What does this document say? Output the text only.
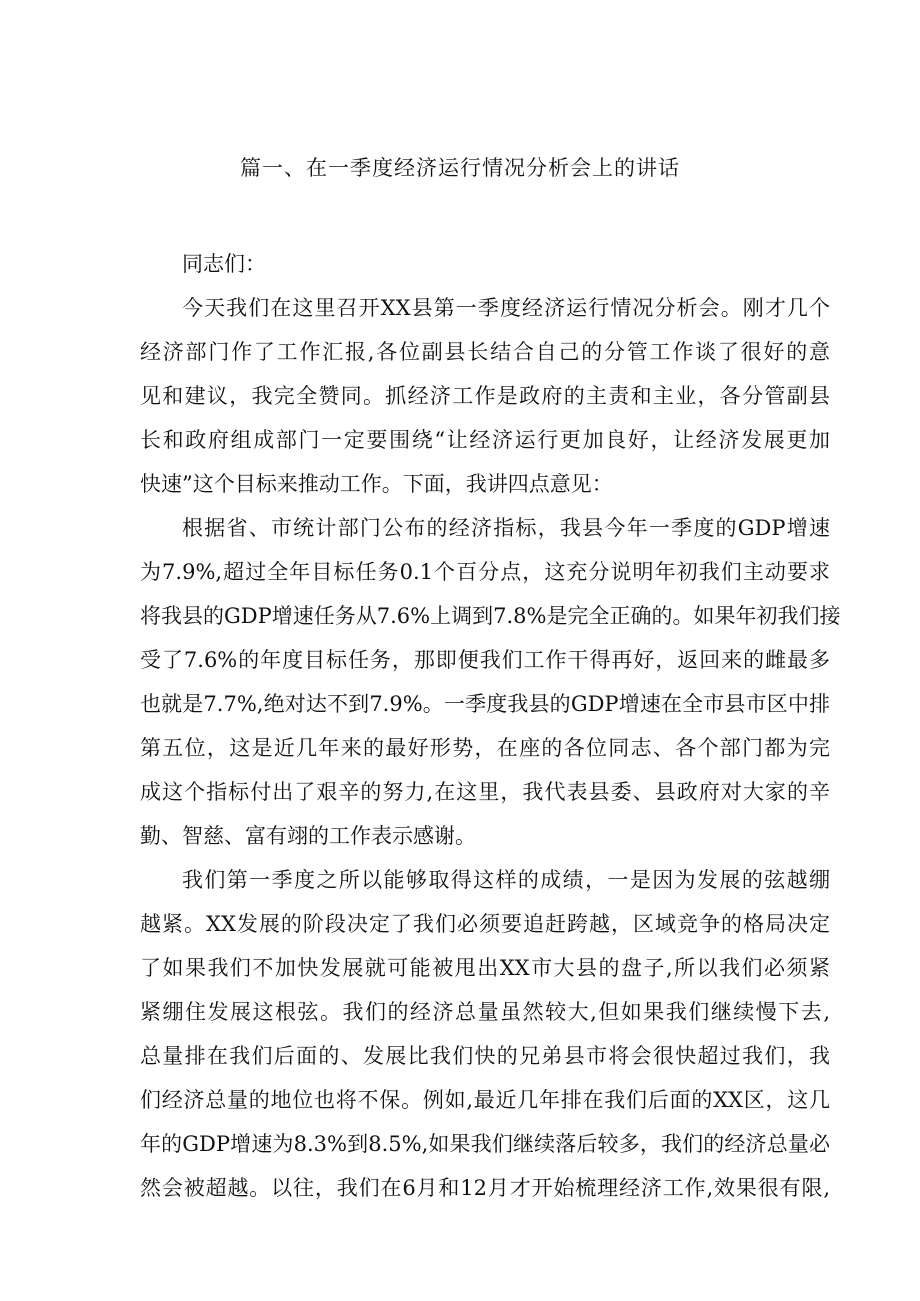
篇一、在一季度经济运行情况分析会上的讲话
同志们：
今天我们在这里召开XX县第一季度经济运行情况分析会。刚才几个
经济部门作了工作汇报,各位副县长结合自己的分管工作谈了很好的意
见和建议，我完全赞同。抓经济工作是政府的主责和主业，各分管副县
长和政府组成部门一定要围绕“让经济运行更加良好，让经济发展更加
快速”这个目标来推动工作。下面，我讲四点意见：
根据省、市统计部门公布的经济指标，我县今年一季度的GDP增速
为7.9%,超过全年目标任务0.1个百分点，这充分说明年初我们主动要求
将我县的GDP增速任务从7.6%上调到7.8%是完全正确的。如果年初我们接
受了7.6%的年度目标任务，那即便我们工作干得再好，返回来的雌最多
也就是7.7%,绝对达不到7.9%。一季度我县的GDP增速在全市县市区中排
第五位，这是近几年来的最好形势，在座的各位同志、各个部门都为完
成这个指标付出了艰辛的努力,在这里，我代表县委、县政府对大家的辛
勤、智慈、富有翊的工作表示感谢。
我们第一季度之所以能够取得这样的成绩，一是因为发展的弦越绷
越紧。XX发展的阶段决定了我们必须要追赶跨越，区域竞争的格局决定
了如果我们不加快发展就可能被甩出XX市大县的盘子,所以我们必须紧
紧绷住发展这根弦。我们的经济总量虽然较大,但如果我们继续慢下去,
总量排在我们后面的、发展比我们快的兄弟县市将会很快超过我们，我
们经济总量的地位也将不保。例如,最近几年排在我们后面的XX区，这几
年的GDP增速为8.3%到8.5%,如果我们继续落后较多，我们的经济总量必
然会被超越。以往，我们在6月和12月才开始梳理经济工作,效果很有限,
